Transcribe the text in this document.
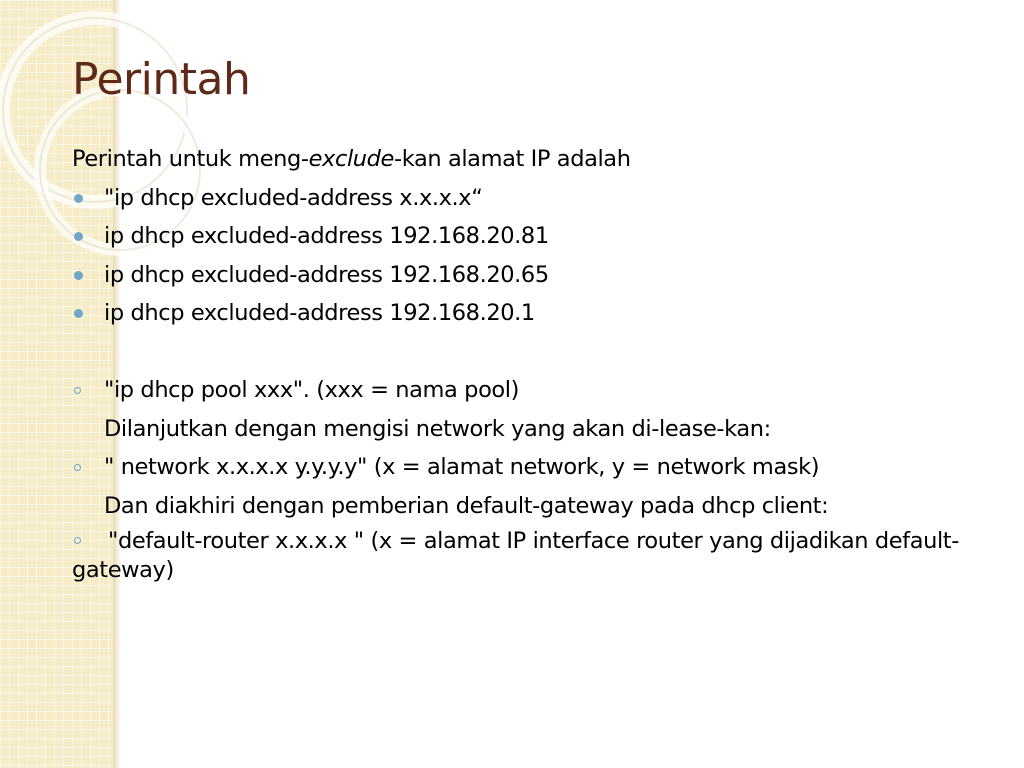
Perintah
Perintah untuk meng-exclude-kan alamat IP adalah
"ip dhcp excluded-address x.x.x.x“
ip dhcp excluded-address 192.168.20.81
ip dhcp excluded-address 192.168.20.65
ip dhcp excluded-address 192.168.20.1
"ip dhcp pool xxx". (xxx = nama pool)
Dilanjutkan dengan mengisi network yang akan di-lease-kan:
" network x.x.x.x y.y.y.y" (x = alamat network, y = network mask)
Dan diakhiri dengan pemberian default-gateway pada dhcp client:
"default-router x.x.x.x " (x = alamat IP interface router yang dijadikan default-gateway)
